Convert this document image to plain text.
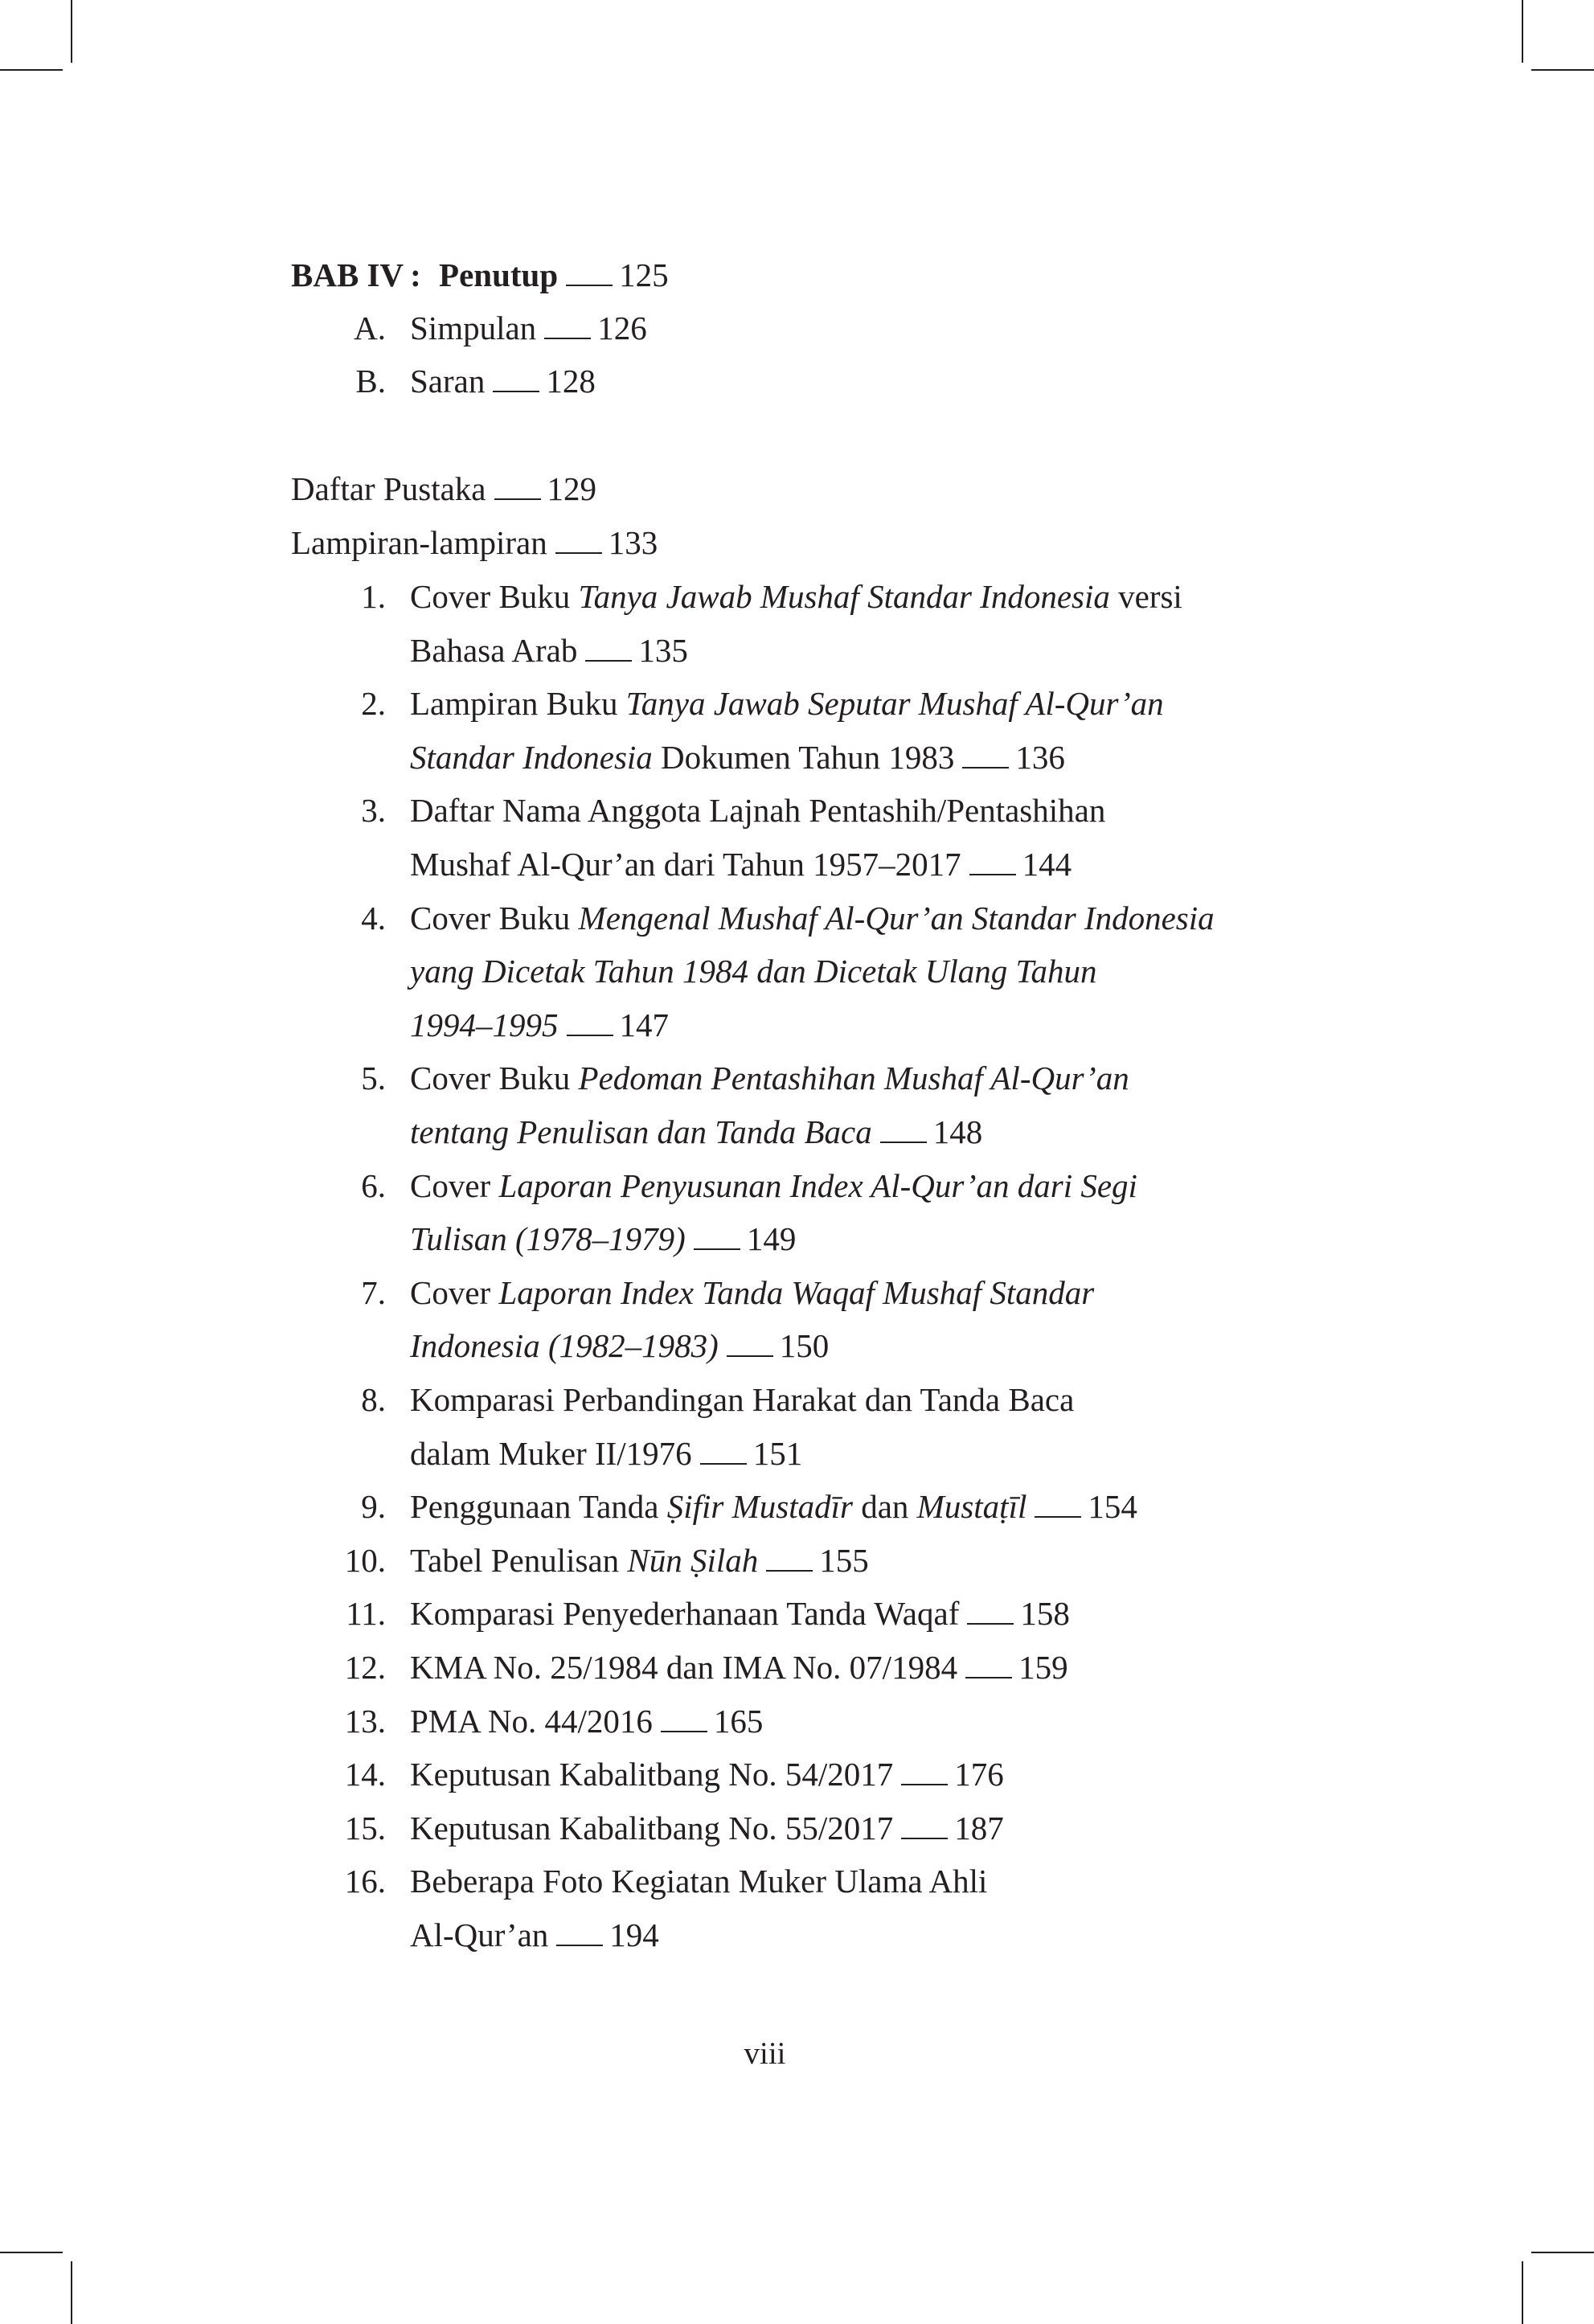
BAB IV : Penutup 125
A. Simpulan 126
B. Saran 128
Daftar Pustaka 129
Lampiran-lampiran 133
1. Cover Buku Tanya Jawab Mushaf Standar Indonesia versi
Bahasa Arab 135
2. Lampiran Buku Tanya Jawab Seputar Mushaf Al-Qur’an
Standar Indonesia Dokumen Tahun 1983 136
3. Daftar Nama Anggota Lajnah Pentashih/Pentashihan
Mushaf Al-Qur’an dari Tahun 1957–2017 144
4. Cover Buku Mengenal Mushaf Al-Qur’an Standar Indonesia
yang Dicetak Tahun 1984 dan Dicetak Ulang Tahun
1994–1995 147
5. Cover Buku Pedoman Pentashihan Mushaf Al-Qur’an
tentang Penulisan dan Tanda Baca 148
6. Cover Laporan Penyusunan Index Al-Qur’an dari Segi
Tulisan (1978–1979) 149
7. Cover Laporan Index Tanda Waqaf Mushaf Standar
Indonesia (1982–1983) 150
8. Komparasi Perbandingan Harakat dan Tanda Baca
dalam Muker II/1976 151
9. Penggunaan Tanda Ṣifir Mustadīr dan Mustaṭīl 154
10. Tabel Penulisan Nūn Ṣilah 155
11. Komparasi Penyederhanaan Tanda Waqaf 158
12. KMA No. 25/1984 dan IMA No. 07/1984 159
13. PMA No. 44/2016 165
14. Keputusan Kabalitbang No. 54/2017 176
15. Keputusan Kabalitbang No. 55/2017 187
16. Beberapa Foto Kegiatan Muker Ulama Ahli
Al-Qur’an 194
viii
